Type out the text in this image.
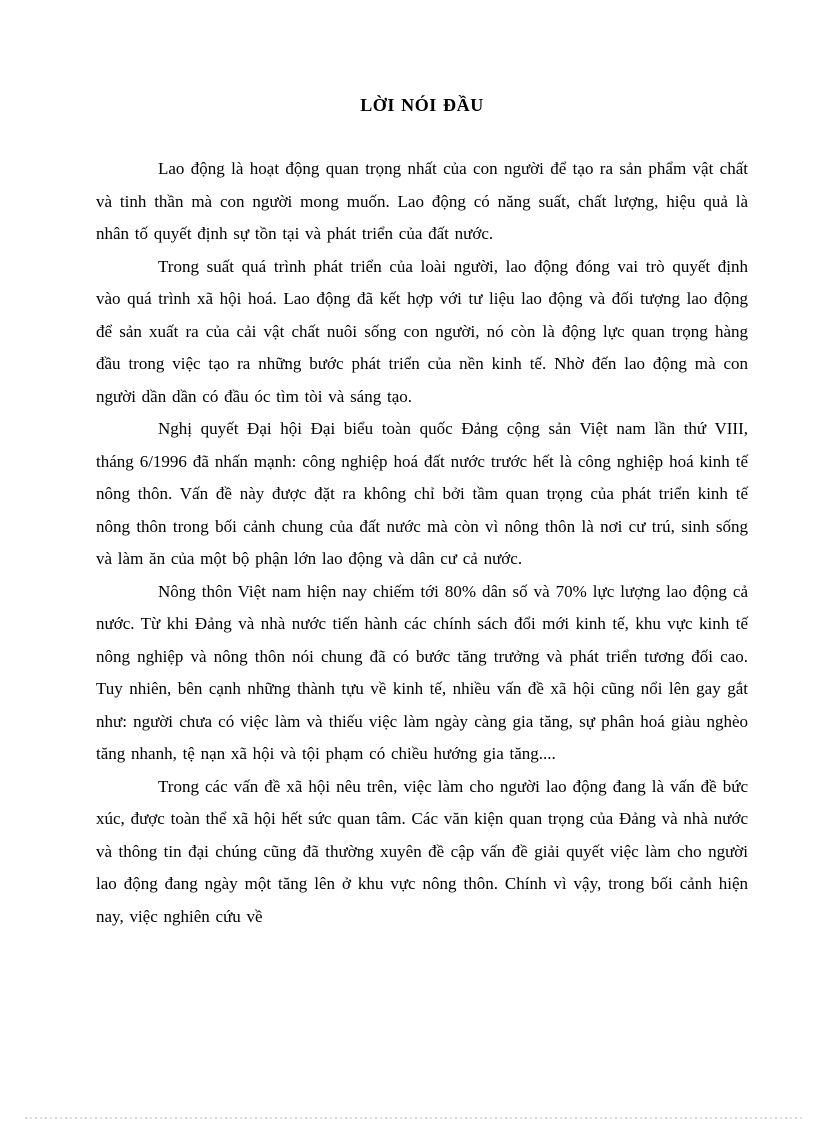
LỜI NÓI ĐẦU

Lao động là hoạt động quan trọng nhất của con người để tạo ra sản phẩm vật chất và tinh thần mà con người mong muốn. Lao động có năng suất, chất lượng, hiệu quả là nhân tố quyết định sự tồn tại và phát triển của đất nước.

Trong suất quá trình phát triển của loài người, lao động đóng vai trò quyết định vào quá trình xã hội hoá. Lao động đã kết hợp với tư liệu lao động và đối tượng lao động để sản xuất ra của cải vật chất nuôi sống con người, nó còn là động lực quan trọng hàng đầu trong việc tạo ra những bước phát triển của nền kinh tế. Nhờ đến lao động mà con người dần dần có đầu óc tìm tòi và sáng tạo.

Nghị quyết Đại hội Đại biểu toàn quốc Đảng cộng sản Việt nam lần thứ VIII, tháng 6/1996 đã nhấn mạnh: công nghiệp hoá đất nước trước hết là công nghiệp hoá kinh tế nông thôn. Vấn đề này được đặt ra không chỉ bởi tầm quan trọng của phát triển kinh tế nông thôn trong bối cảnh chung của đất nước mà còn vì nông thôn là nơi cư trú, sinh sống và làm ăn của một bộ phận lớn lao động và dân cư cả nước.

Nông thôn Việt nam hiện nay chiếm tới 80% dân số và 70% lực lượng lao động cả nước. Từ khi Đảng và nhà nước tiến hành các chính sách đổi mới kinh tế, khu vực kinh tế nông nghiệp và nông thôn nói chung đã có bước tăng trưởng và phát triển tương đối cao. Tuy nhiên, bên cạnh những thành tựu về kinh tế, nhiều vấn đề xã hội cũng nổi lên gay gắt như: người chưa có việc làm và thiếu việc làm ngày càng gia tăng, sự phân hoá giàu nghèo tăng nhanh, tệ nạn xã hội và tội phạm có chiều hướng gia tăng....

Trong các vấn đề xã hội nêu trên, việc làm cho người lao động đang là vấn đề bức xúc, được toàn thể xã hội hết sức quan tâm. Các văn kiện quan trọng của Đảng và nhà nước và thông tin đại chúng cũng đã thường xuyên đề cập vấn đề giải quyết việc làm cho người lao động đang ngày một tăng lên ở khu vực nông thôn. Chính vì vậy, trong bối cảnh hiện nay, việc nghiên cứu về
